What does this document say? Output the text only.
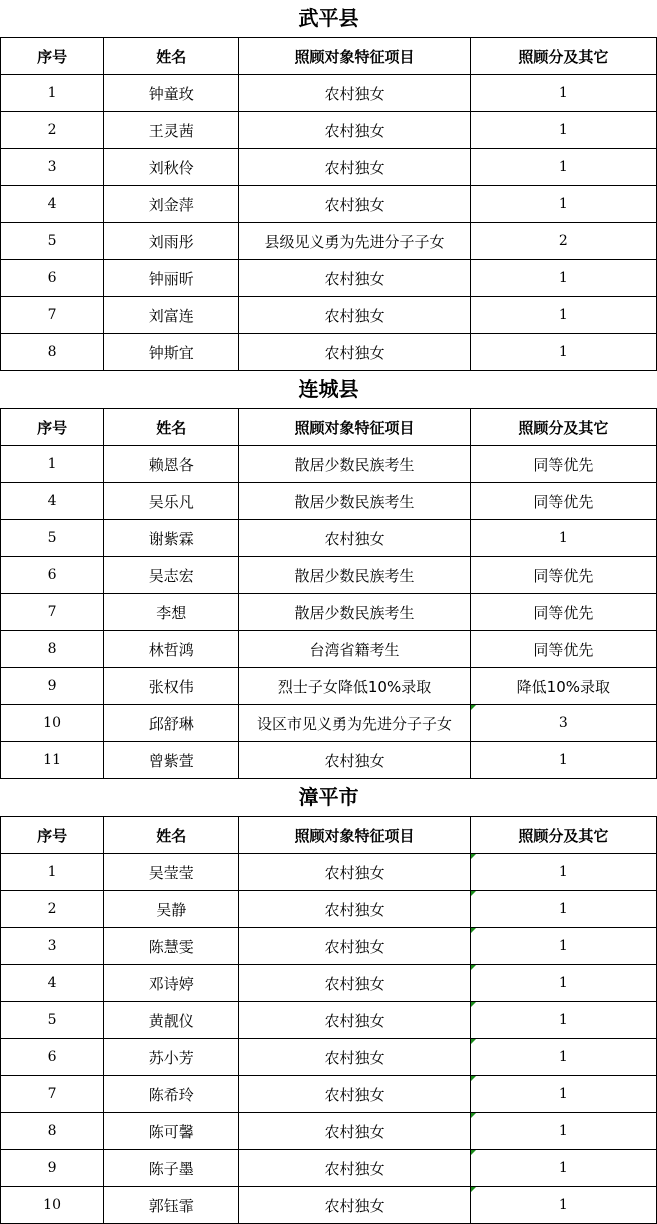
武平县
序号	姓名	照顾对象特征项目	照顾分及其它
1	钟童玫	农村独女	1
2	王灵茜	农村独女	1
3	刘秋伶	农村独女	1
4	刘金萍	农村独女	1
5	刘雨彤	县级见义勇为先进分子子女	2
6	钟丽昕	农村独女	1
7	刘富连	农村独女	1
8	钟斯宜	农村独女	1
连城县
序号	姓名	照顾对象特征项目	照顾分及其它
1	赖恩各	散居少数民族考生	同等优先
4	吴乐凡	散居少数民族考生	同等优先
5	谢紫霖	农村独女	1
6	吴志宏	散居少数民族考生	同等优先
7	李想	散居少数民族考生	同等优先
8	林哲鸿	台湾省籍考生	同等优先
9	张权伟	烈士子女降低10%录取	降低10%录取
10	邱舒琳	设区市见义勇为先进分子子女	3
11	曾紫萱	农村独女	1
漳平市
序号	姓名	照顾对象特征项目	照顾分及其它
1	吴莹莹	农村独女	1
2	吴静	农村独女	1
3	陈慧雯	农村独女	1
4	邓诗婷	农村独女	1
5	黄靓仪	农村独女	1
6	苏小芳	农村独女	1
7	陈希玲	农村独女	1
8	陈可馨	农村独女	1
9	陈子墨	农村独女	1
10	郭钰霏	农村独女	1
